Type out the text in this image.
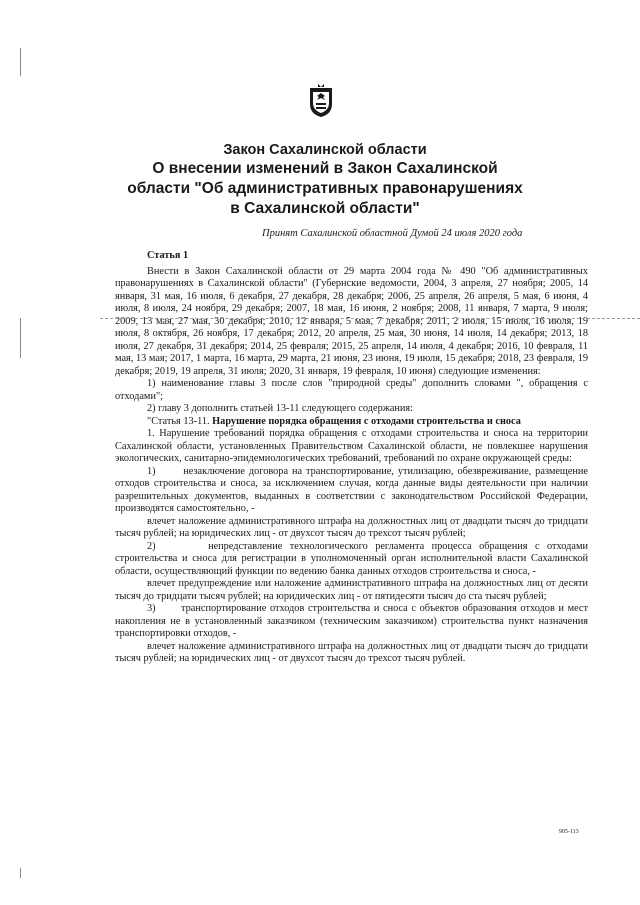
Закон Сахалинской области
О внесении изменений в Закон Сахалинской
области "Об административных правонарушениях
в Сахалинской области"
Принят Сахалинской областной Думой 24 июля 2020 года

Статья 1

Внести в Закон Сахалинской области от 29 марта 2004 года № 490 "Об административных правонарушениях в Сахалинской области" (Губернские ведомости, 2004, 3 апреля, 27 ноября; 2005, 14 января, 31 мая, 16 июля, 6 декабря, 27 декабря, 28 декабря; 2006, 25 апреля, 26 апреля, 5 мая, 6 июня, 4 июля, 8 июля, 24 ноября, 29 декабря; 2007, 18 мая, 16 июня, 2 ноября; 2008, 11 января, 7 марта, 9 июля; 2009, 13 мая, 27 мая, 30 декабря; 2010, 12 января, 5 мая, 7 декабря; 2011, 2 июля, 15 июля, 16 июля, 19 июля, 8 октября, 26 ноября, 17 декабря; 2012, 20 апреля, 25 мая, 30 июня, 14 июля, 14 декабря; 2013, 18 июля, 27 декабря, 31 декабря; 2014, 25 февраля; 2015, 25 апреля, 14 июля, 4 декабря; 2016, 10 февраля, 11 мая, 13 мая; 2017, 1 марта, 16 марта, 29 марта, 21 июня, 23 июня, 19 июля, 15 декабря; 2018, 23 февраля, 19 декабря; 2019, 19 апреля, 31 июля; 2020, 31 января, 19 февраля, 10 июня) следующие изменения:

1) наименование главы 3 после слов "природной среды" дополнить словами ", обращения с отходами";

2) главу 3 дополнить статьей 13-11 следующего содержания:

"Статья 13-11. Нарушение порядка обращения с отходами строительства и сноса

1. Нарушение требований порядка обращения с отходами строительства и сноса на территории Сахалинской области, установленных Правительством Сахалинской области, не повлекшее нарушения экологических, санитарно-эпидемиологических требований, требований по охране окружающей среды:

1)       незаключение договора на транспортирование, утилизацию, обезвреживание, размещение отходов строительства и сноса, за исключением случая, когда данные виды деятельности при наличии разрешительных документов, выданных в соответствии с законодательством Российской Федерации, производятся самостоятельно, -

влечет наложение административного штрафа на должностных лиц от двадцати тысяч до тридцати тысяч рублей; на юридических лиц - от двухсот тысяч до трехсот тысяч рублей;

2)       непредставление технологического регламента процесса обращения с отходами строительства и сноса для регистрации в уполномоченный орган исполнительной власти Сахалинской области, осуществляющий функции по ведению банка данных отходов строительства и сноса, -

влечет предупреждение или наложение административного штрафа на должностных лиц от десяти тысяч до тридцати тысяч рублей; на юридических лиц - от пятидесяти тысяч до ста тысяч рублей;

3)       транспортирование отходов строительства и сноса с объектов образования отходов и мест накопления не в установленный заказчиком (техническим заказчиком) строительства пункт назначения транспортировки отходов, -

влечет наложение административного штрафа на должностных лиц от двадцати тысяч до тридцати тысяч рублей; на юридических лиц - от двухсот тысяч до трехсот тысяч рублей.

905-113
